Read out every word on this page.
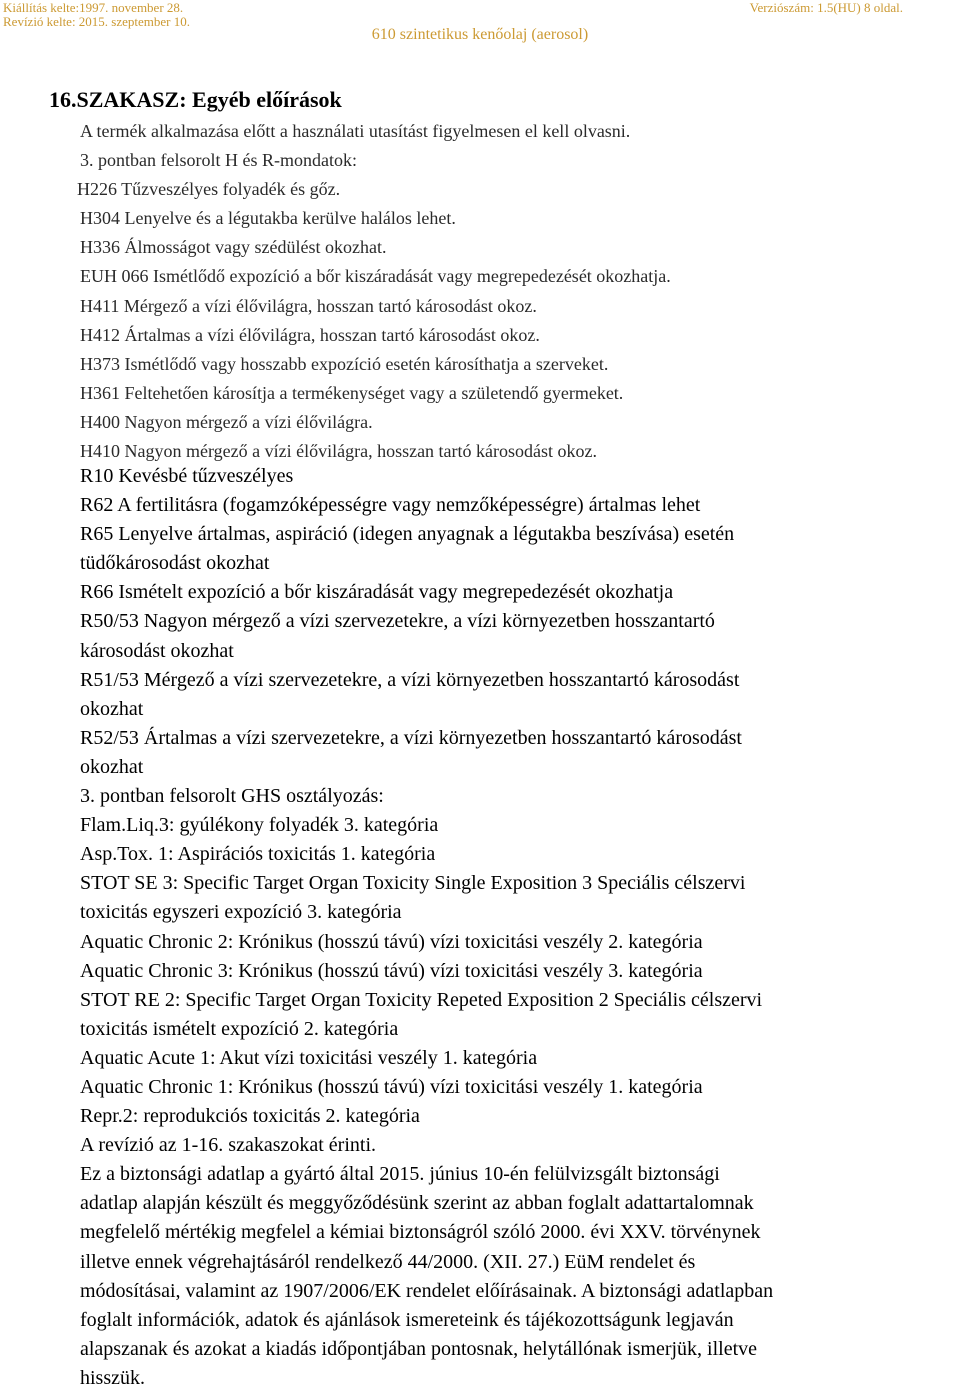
Kiállítás kelte:1997. november 28.
Revízió kelte: 2015. szeptember 10.
Verziószám: 1.5(HU) 8 oldal.
610 szintetikus kenőolaj (aerosol)
16.SZAKASZ: Egyéb előírások
A termék alkalmazása előtt a használati utasítást figyelmesen el kell olvasni.
3. pontban felsorolt H és R-mondatok:
H226 Tűzveszélyes folyadék és gőz.
H304 Lenyelve és a légutakba kerülve halálos lehet.
H336 Álmosságot vagy szédülést okozhat.
EUH 066 Ismétlődő expozíció a bőr kiszáradását vagy megrepedezését okozhatja.
H411 Mérgező a vízi élővilágra, hosszan tartó károsodást okoz.
H412 Ártalmas a vízi élővilágra, hosszan tartó károsodást okoz.
H373 Ismétlődő vagy hosszabb expozíció esetén károsíthatja a szerveket.
H361 Feltehetően károsítja a termékenységet vagy a születendő gyermeket.
H400 Nagyon mérgező a vízi élővilágra.
H410 Nagyon mérgező a vízi élővilágra, hosszan tartó károsodást okoz.
R10 Kevésbé tűzveszélyes
R62 A fertilitásra (fogamzóképességre vagy nemzőképességre) ártalmas lehet
R65 Lenyelve ártalmas, aspiráció (idegen anyagnak a légutakba beszívása) esetén
tüdőkárosodást okozhat
R66 Ismételt expozíció a bőr kiszáradását vagy megrepedezését okozhatja
R50/53 Nagyon mérgező a vízi szervezetekre, a vízi környezetben hosszantartó
károsodást okozhat
R51/53 Mérgező a vízi szervezetekre, a vízi környezetben hosszantartó károsodást
okozhat
R52/53 Ártalmas a vízi szervezetekre, a vízi környezetben hosszantartó károsodást
okozhat
3. pontban felsorolt GHS osztályozás:
Flam.Liq.3: gyúlékony folyadék 3. kategória
Asp.Tox. 1: Aspirációs toxicitás 1. kategória
STOT SE 3: Specific Target Organ Toxicity Single Exposition 3 Speciális célszervi
toxicitás egyszeri expozíció 3. kategória
Aquatic Chronic 2: Krónikus (hosszú távú) vízi toxicitási veszély 2. kategória
Aquatic Chronic 3: Krónikus (hosszú távú) vízi toxicitási veszély 3. kategória
STOT RE 2: Specific Target Organ Toxicity Repeted Exposition 2 Speciális célszervi
toxicitás ismételt expozíció 2. kategória
Aquatic Acute 1: Akut vízi toxicitási veszély 1. kategória
Aquatic Chronic 1: Krónikus (hosszú távú) vízi toxicitási veszély 1. kategória
Repr.2: reprodukciós toxicitás 2. kategória
A revízió az 1-16. szakaszokat érinti.
Ez a biztonsági adatlap a gyártó által 2015. június 10-én felülvizsgált biztonsági
adatlap alapján készült és meggyőződésünk szerint az abban foglalt adattartalomnak
megfelelő mértékig megfelel a kémiai biztonságról szóló 2000. évi XXV. törvénynek
illetve ennek végrehajtásáról rendelkező 44/2000. (XII. 27.) EüM rendelet és
módosításai, valamint az 1907/2006/EK rendelet előírásainak. A biztonsági adatlapban
foglalt információk, adatok és ajánlások ismereteink és tájékozottságunk legjaván
alapszanak és azokat a kiadás időpontjában pontosnak, helytállónak ismerjük, illetve
hisszük.
